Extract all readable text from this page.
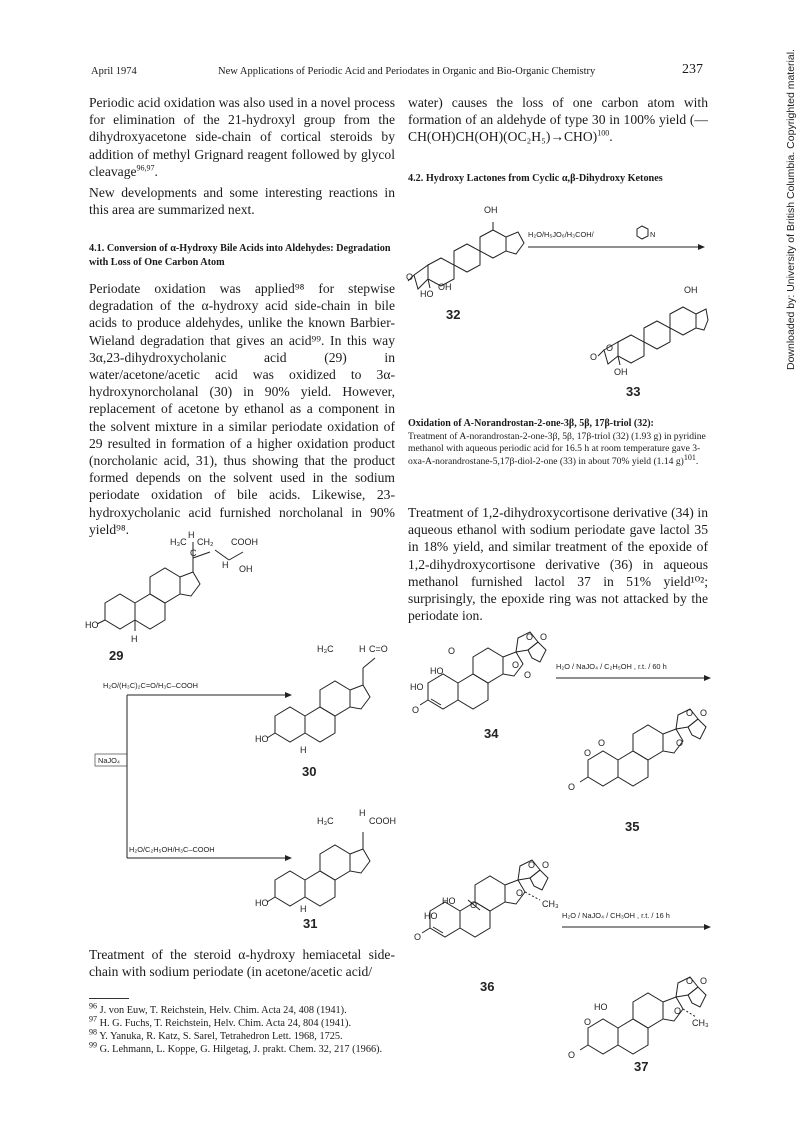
April 1974	New Applications of Periodic Acid and Periodates in Organic and Bio-Organic Chemistry	237	Downloaded by: University of British Columbia. Copyrighted material.

Periodic acid oxidation was also used in a novel process for elimination of the 21-hydroxyl group from the dihydroxyacetone side-chain of cortical steroids by addition of methyl Grignard reagent followed by glycol cleavage$^{96,97}$.

New developments and some interesting reactions in this area are summarized next.
4.1. Conversion of α-Hydroxy Bile Acids into Aldehydes: Degradation with Loss of One Carbon Atom
Periodate oxidation was applied⁹⁸ for stepwise degradation of the α-hydroxy acid side-chain in bile acids to produce aldehydes, unlike the known Barbier-Wieland degradation that gives an acid⁹⁹. In this way 3α,23-dihydroxycholanic acid (29) in water/acetone/acetic acid was oxidized to 3α-hydroxynorcholanal (30) in 90% yield. However, replacement of acetone by ethanol as a component in the solvent mixture in a similar periodate oxidation of 29 resulted in formation of a higher oxidation product (norcholanic acid, 31), thus showing that the product formed depends on the solvent used in the sodium periodate oxidation of bile acids. Likewise, 23-hydroxycholanic acid furnished norcholanal in 90% yield⁹⁸.
H₃C
H
C
CH₂ COOH
H OH
HO
H
29
H₂O/(H₃C)₂C=O/H₃C–COOH
NaJO₄
H₂O/C₂H₅OH/H₃C–COOH
H₃C	H C=O
HO
H
30
H₃C
H
COOH
HO
H
31
Treatment of the steroid α-hydroxy hemiacetal side-chain with sodium periodate (in acetone/acetic acid/
$^{96}$ J. von Euw, T. Reichstein, Helv. Chim. Acta 24, 408 (1941).
$^{97}$ H. G. Fuchs, T. Reichstein, Helv. Chim. Acta 24, 804 (1941).
$^{98}$ Y. Yanuka, R. Katz, S. Sarel, Tetrahedron Lett. 1968, 1725.
$^{99}$ G. Lehmann, L. Koppe, G. Hilgetag, J. prakt. Chem. 32, 217 (1966).

water) causes the loss of one carbon atom with formation of an aldehyde of type 30 in 100% yield (—CH(OH)CH(OH)(OC₂H₅)→CHO)$^{100}$.

4.2. Hydroxy Lactones from Cyclic α,β-Dihydroxy Ketones
OH
HO
OH
O
32
H₂O/H₅JO₆/H₃COH/	N
OH
O
O
OH
33
Oxidation of A-Norandrostan-2-one-3β, 5β, 17β-triol (32):
Treatment of A-norandrostan-2-one-3β, 5β, 17β-triol (32) (1.93 g) in pyridine methanol with aqueous periodic acid for 16.5 h at room temperature gave 3-oxa-A-norandrostane-5,17β-diol-2-one (33) in about 70% yield (1.14 g)$^{101}$.
Treatment of 1,2-dihydroxycortisone derivative (34) in aqueous ethanol with sodium periodate gave lactol 35 in 18% yield, and similar treatment of the epoxide of 1,2-dihydroxycortisone derivative (36) in aqueous methanol furnished lactol 37 in 51% yield¹⁰²; surprisingly, the epoxide ring was not attacked by the periodate ion.
HO
O
HO
O
O O
O
O
34
H₂O / NaJO₄ / C₂H₅OH , r.t. / 60 h
O
O
O
O O
O
35
HO O
HO
O
O O
O
CH₃
36
H₂O / NaJO₄ / CH₃OH , r.t. / 16 h
HO
O
O
O O
O
CH₃
37
